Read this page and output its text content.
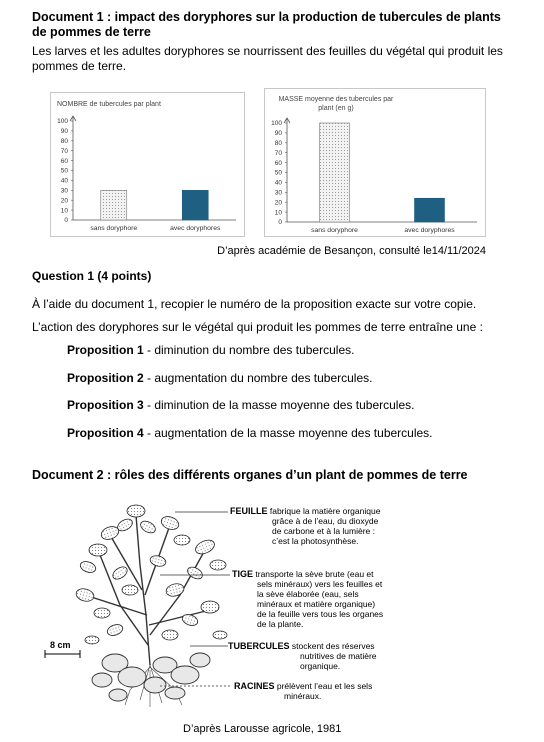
Document 1 : impact des doryphores sur la production de tubercules de plants de pommes de terre
Les larves et les adultes doryphores se nourrissent des feuilles du végétal qui produit les pommes de terre.
NOMBRE de tubercules par plant
0
10
20
30
40
50
60
70
80
90
100
sans doryphore	avec doryphores
MASSE moyenne des tubercules par plant (en g)
0
10
20
30
40
50
60
70
80
90
100
sans doryphore	avec doryphores
D’après académie de Besançon, consulté le14/11/2024
Question 1 (4 points)
À l’aide du document 1, recopier le numéro de la proposition exacte sur votre copie.
L’action des doryphores sur le végétal qui produit les pommes de terre entraîne une :
Proposition 1 - diminution du nombre des tubercules.
Proposition 2 - augmentation du nombre des tubercules.
Proposition 3 - diminution de la masse moyenne des tubercules.
Proposition 4 - augmentation de la masse moyenne des tubercules.
Document 2 : rôles des différents organes d’un plant de pommes de terre
8 cm
FEUILLE fabrique la matière organique
grâce à de l’eau, du dioxyde
de carbone et à la lumière :
c’est la photosynthèse.
TIGE transporte la sève brute (eau et
sels minéraux) vers les feuilles et
la sève élaborée (eau, sels
minéraux et matière organique)
de la feuille vers tous les organes
de la plante.
TUBERCULES stockent des réserves
nutritives de matière
organique.
RACINES prélèvent l’eau et les sels
minéraux.
D’après Larousse agricole, 1981
